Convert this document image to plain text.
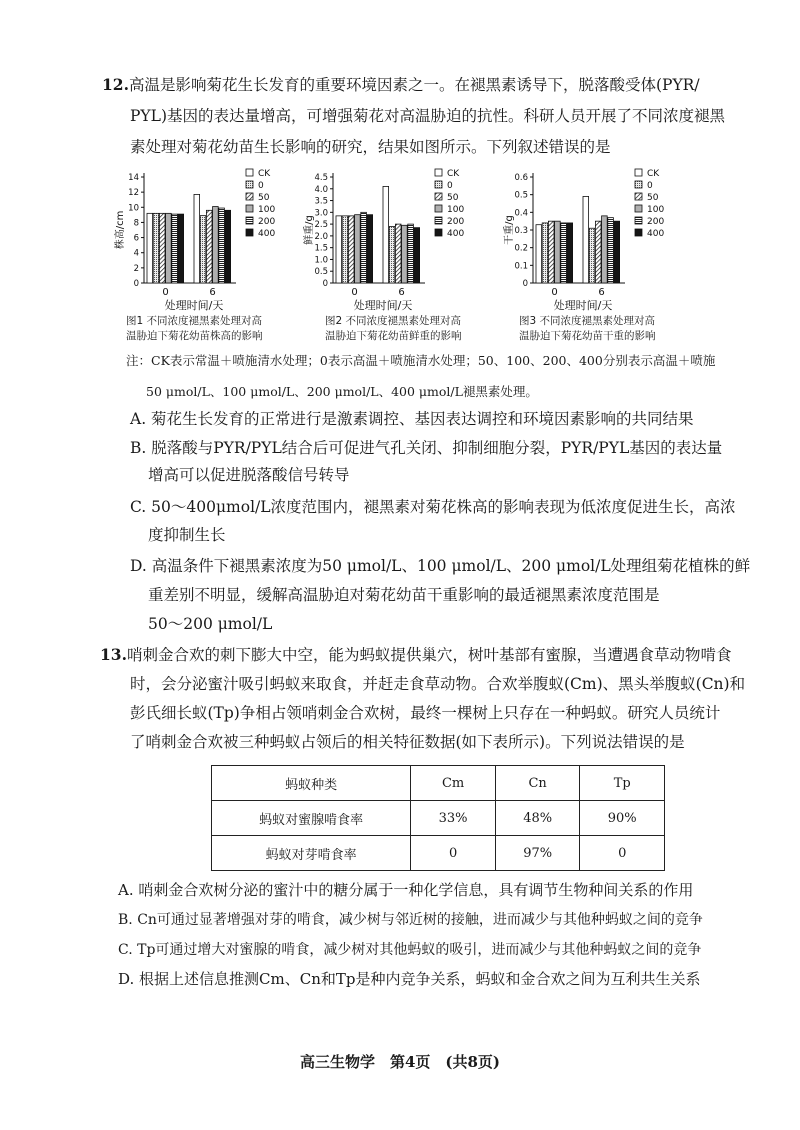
12.高温是影响菊花生长发育的重要环境因素之一。在褪黑素诱导下，脱落酸受体(PYR/
PYL)基因的表达量增高，可增强菊花对高温胁迫的抗性。科研人员开展了不同浓度褪黑
素处理对菊花幼苗生长影响的研究，结果如图所示。下列叙述错误的是
0
2
4
6
8
10
12
14
株高/cm
0	6
处理时间/天
CK
0
50
100
200
400
0
0.5
1.0
1.5
2.0
2.5
3.0
3.5
4.0
4.5
鲜重/g
0	6
处理时间/天
CK
0
50
100
200
400
0
0.1
0.2
0.3
0.4
0.5
0.6
干重/g
0	6
处理时间/天
CK
0
50
100
200
400
图1 不同浓度褪黑素处理对高
温胁迫下菊花幼苗株高的影响
图2 不同浓度褪黑素处理对高
温胁迫下菊花幼苗鲜重的影响
图3 不同浓度褪黑素处理对高
温胁迫下菊花幼苗干重的影响
注：CK表示常温＋喷施清水处理；0表示高温＋喷施清水处理；50、100、200、400分别表示高温＋喷施
50 μmol/L、100 μmol/L、200 μmol/L、400 μmol/L褪黑素处理。
A. 菊花生长发育的正常进行是激素调控、基因表达调控和环境因素影响的共同结果
B. 脱落酸与PYR/PYL结合后可促进气孔关闭、抑制细胞分裂，PYR/PYL基因的表达量
增高可以促进脱落酸信号转导
C. 50～400μmol/L浓度范围内，褪黑素对菊花株高的影响表现为低浓度促进生长，高浓
度抑制生长
D. 高温条件下褪黑素浓度为50 μmol/L、100 μmol/L、200 μmol/L处理组菊花植株的鲜
重差别不明显，缓解高温胁迫对菊花幼苗干重影响的最适褪黑素浓度范围是
50～200 μmol/L
13.哨刺金合欢的刺下膨大中空，能为蚂蚁提供巢穴，树叶基部有蜜腺，当遭遇食草动物啃食
时，会分泌蜜汁吸引蚂蚁来取食，并赶走食草动物。合欢举腹蚁(Cm)、黑头举腹蚁(Cn)和
彭氏细长蚁(Tp)争相占领哨刺金合欢树，最终一棵树上只存在一种蚂蚁。研究人员统计
了哨刺金合欢被三种蚂蚁占领后的相关特征数据(如下表所示)。下列说法错误的是
蚂蚁种类	Cm	Cn	Tp
蚂蚁对蜜腺啃食率	33%	48%	90%
蚂蚁对芽啃食率	0	97%	0
A. 哨刺金合欢树分泌的蜜汁中的糖分属于一种化学信息，具有调节生物种间关系的作用
B. Cn可通过显著增强对芽的啃食，减少树与邻近树的接触，进而减少与其他种蚂蚁之间的竞争
C. Tp可通过增大对蜜腺的啃食，减少树对其他蚂蚁的吸引，进而减少与其他种蚂蚁之间的竞争
D. 根据上述信息推测Cm、Cn和Tp是种内竞争关系，蚂蚁和金合欢之间为互利共生关系
高三生物学　第4页　(共8页)
